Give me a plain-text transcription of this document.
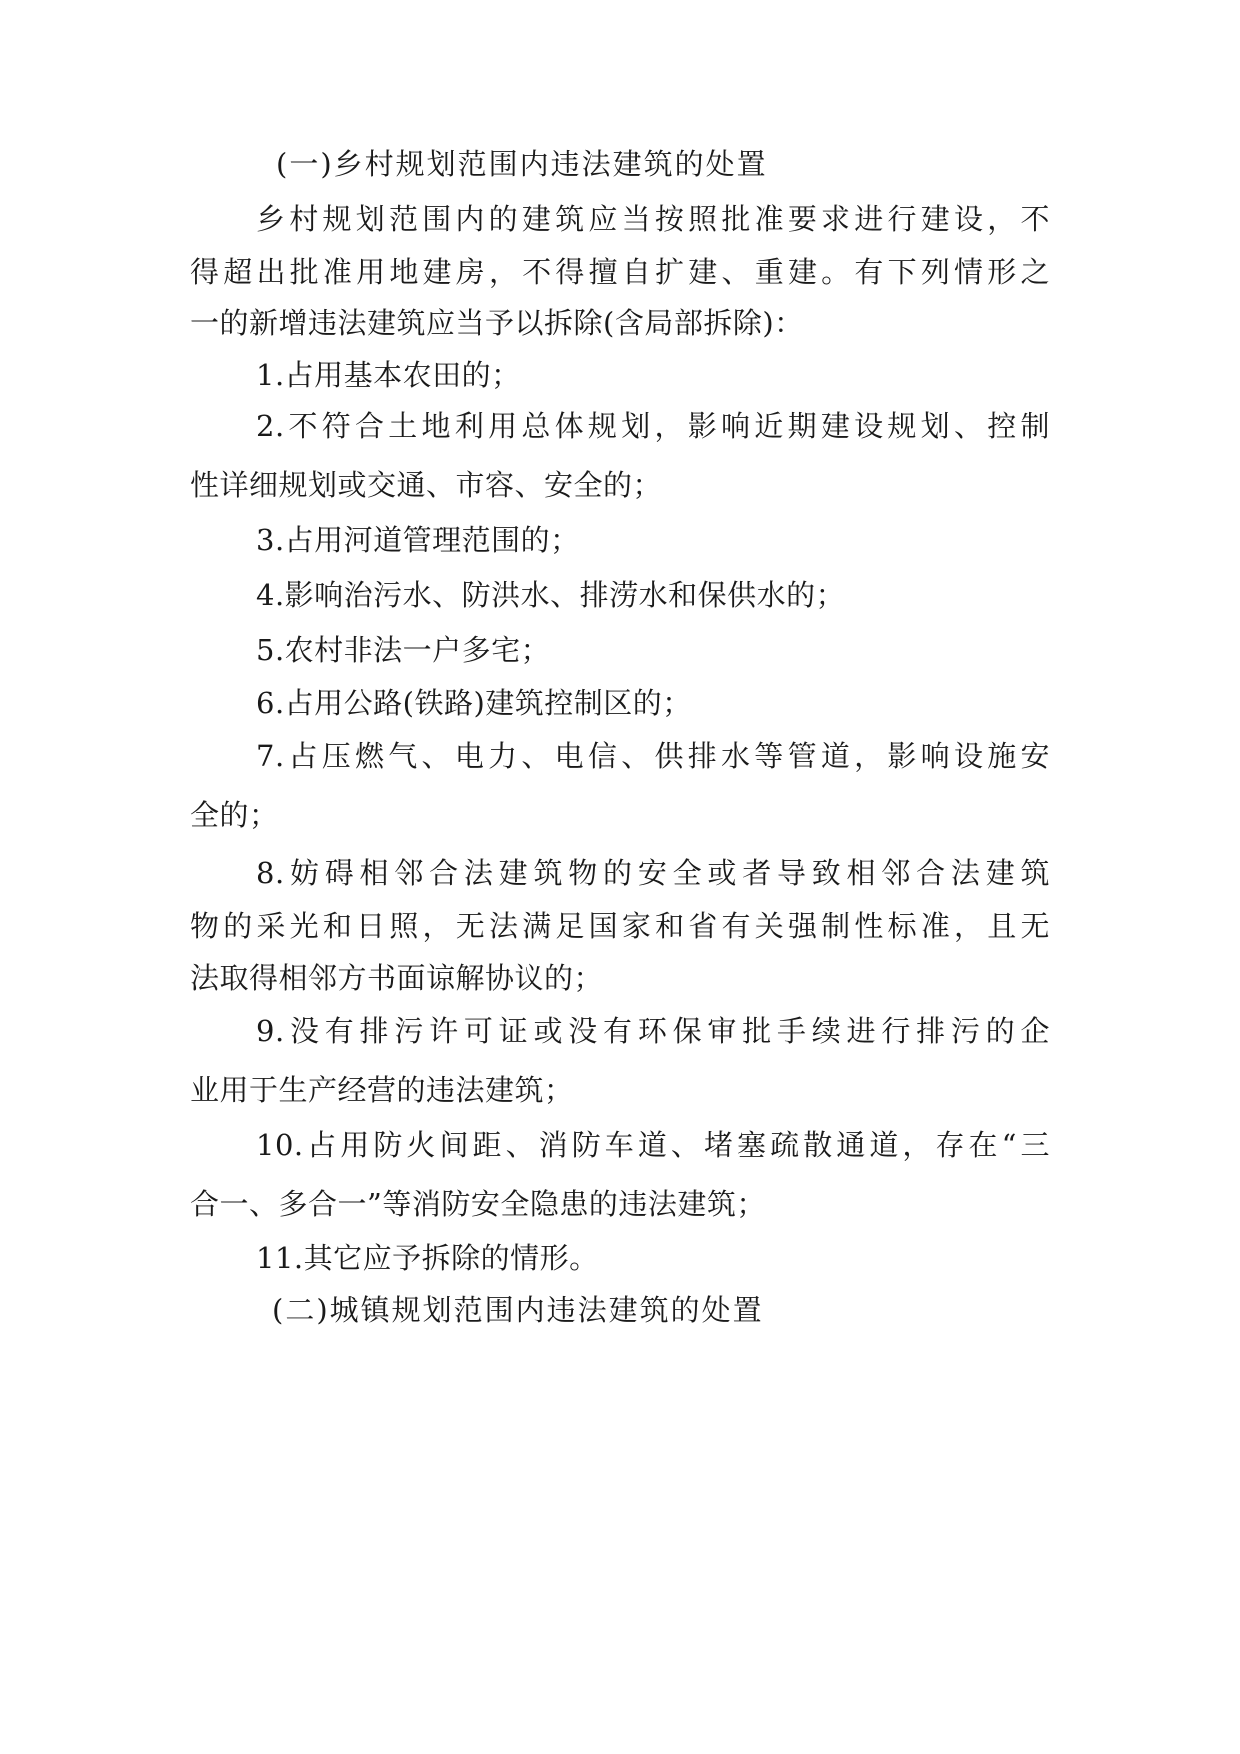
(一)乡村规划范围内违法建筑的处置
乡村规划范围内的建筑应当按照批准要求进行建设，不
得超出批准用地建房，不得擅自扩建、重建。有下列情形之
一的新增违法建筑应当予以拆除(含局部拆除)：
1.占用基本农田的；
2.不符合土地利用总体规划，影响近期建设规划、控制
性详细规划或交通、市容、安全的；
3.占用河道管理范围的；
4.影响治污水、防洪水、排涝水和保供水的；
5.农村非法一户多宅；
6.占用公路(铁路)建筑控制区的；
7.占压燃气、电力、电信、供排水等管道，影响设施安
全的；
8.妨碍相邻合法建筑物的安全或者导致相邻合法建筑
物的采光和日照，无法满足国家和省有关强制性标准，且无
法取得相邻方书面谅解协议的；
9.没有排污许可证或没有环保审批手续进行排污的企
业用于生产经营的违法建筑；
10.占用防火间距、消防车道、堵塞疏散通道，存在“三
合一、多合一”等消防安全隐患的违法建筑；
11.其它应予拆除的情形。
(二)城镇规划范围内违法建筑的处置
